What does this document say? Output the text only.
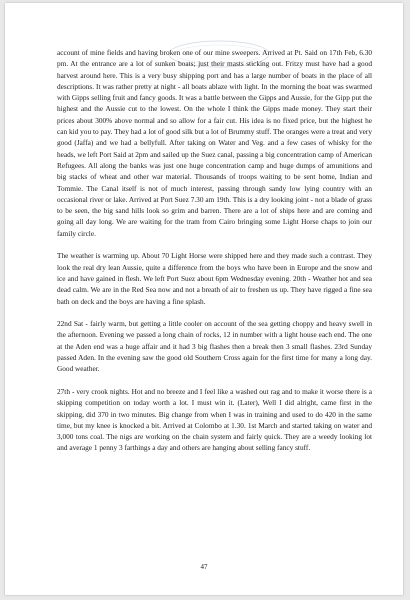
account of mine fields and having broken one of our mine sweepers. Arrived at Pt. Said on 17th Feb, 6.30 pm. At the entrance are a lot of sunken boats; just their masts sticking out. Fritzy must have had a good harvest around here. This is a very busy shipping port and has a large number of boats in the place of all descriptions. It was rather pretty at night - all boats ablaze with light. In the morning the boat was swarmed with Gipps selling fruit and fancy goods. It was a battle between the Gipps and Aussie, for the Gipp put the highest and the Aussie cut to the lowest. On the whole I think the Gipps made money. They start their prices about 300% above normal and so allow for a fair cut. His idea is no fixed price, but the highest he can kid you to pay. They had a lot of good silk but a lot of Brummy stuff. The oranges were a treat and very good (Jaffa) and we had a bellyfull. After taking on Water and Veg. and a few cases of whisky for the heads, we left Port Said at 2pm and sailed up the Suez canal, passing a big concentration camp of American Refugees. All along the banks was just one huge concentration camp and huge dumps of amunitions and big stacks of wheat and other war material. Thousands of troops waiting to be sent home, Indian and Tommie. The Canal itself is not of much interest, passing through sandy low lying country with an occasional river or lake. Arrived at Port Suez 7.30 am 19th. This is a dry looking joint - not a blade of grass to be seen, the big sand hills look so grim and barren. There are a lot of ships here and are coming and going all day long. We are waiting for the tram from Cairo bringing some Light Horse chaps to join our family circle.

The weather is warming up. About 70 Light Horse were shipped here and they made such a contrast. They look the real dry lean Aussie, quite a difference from the boys who have been in Europe and the snow and ice and have gained in flesh. We left Port Suez about 6pm Wednesday evening. 20th - Weather hot and sea dead calm. We are in the Red Sea now and not a breath of air to freshen us up. They have rigged a fine sea bath on deck and the boys are having a fine splash.

22nd Sat - fairly warm, but getting a little cooler on account of the sea getting choppy and heavy swell in the afternoon. Evening we passed a long chain of rocks, 12 in number with a light house each end. The one at the Aden end was a huge affair and it had 3 big flashes then a break then 3 small flashes. 23rd Sunday passed Aden. In the evening saw the good old Southern Cross again for the first time for many a long day. Good weather.

27th - very crook nights. Hot and no breeze and I feel like a washed out rag and to make it worse there is a skipping competition on today worth a lot. I must win it. (Later), Well I did alright, came first in the skipping, did 370 in two minutes. Big change from when I was in training and used to do 420 in the same time, but my knee is knocked a bit. Arrived at Colombo at 1.30. 1st March and started taking on water and 3,000 tons coal. The nigs are working on the chain system and fairly quick. They are a weedy looking lot and average 1 penny 3 farthings a day and others are hanging about selling fancy stuff.

47
